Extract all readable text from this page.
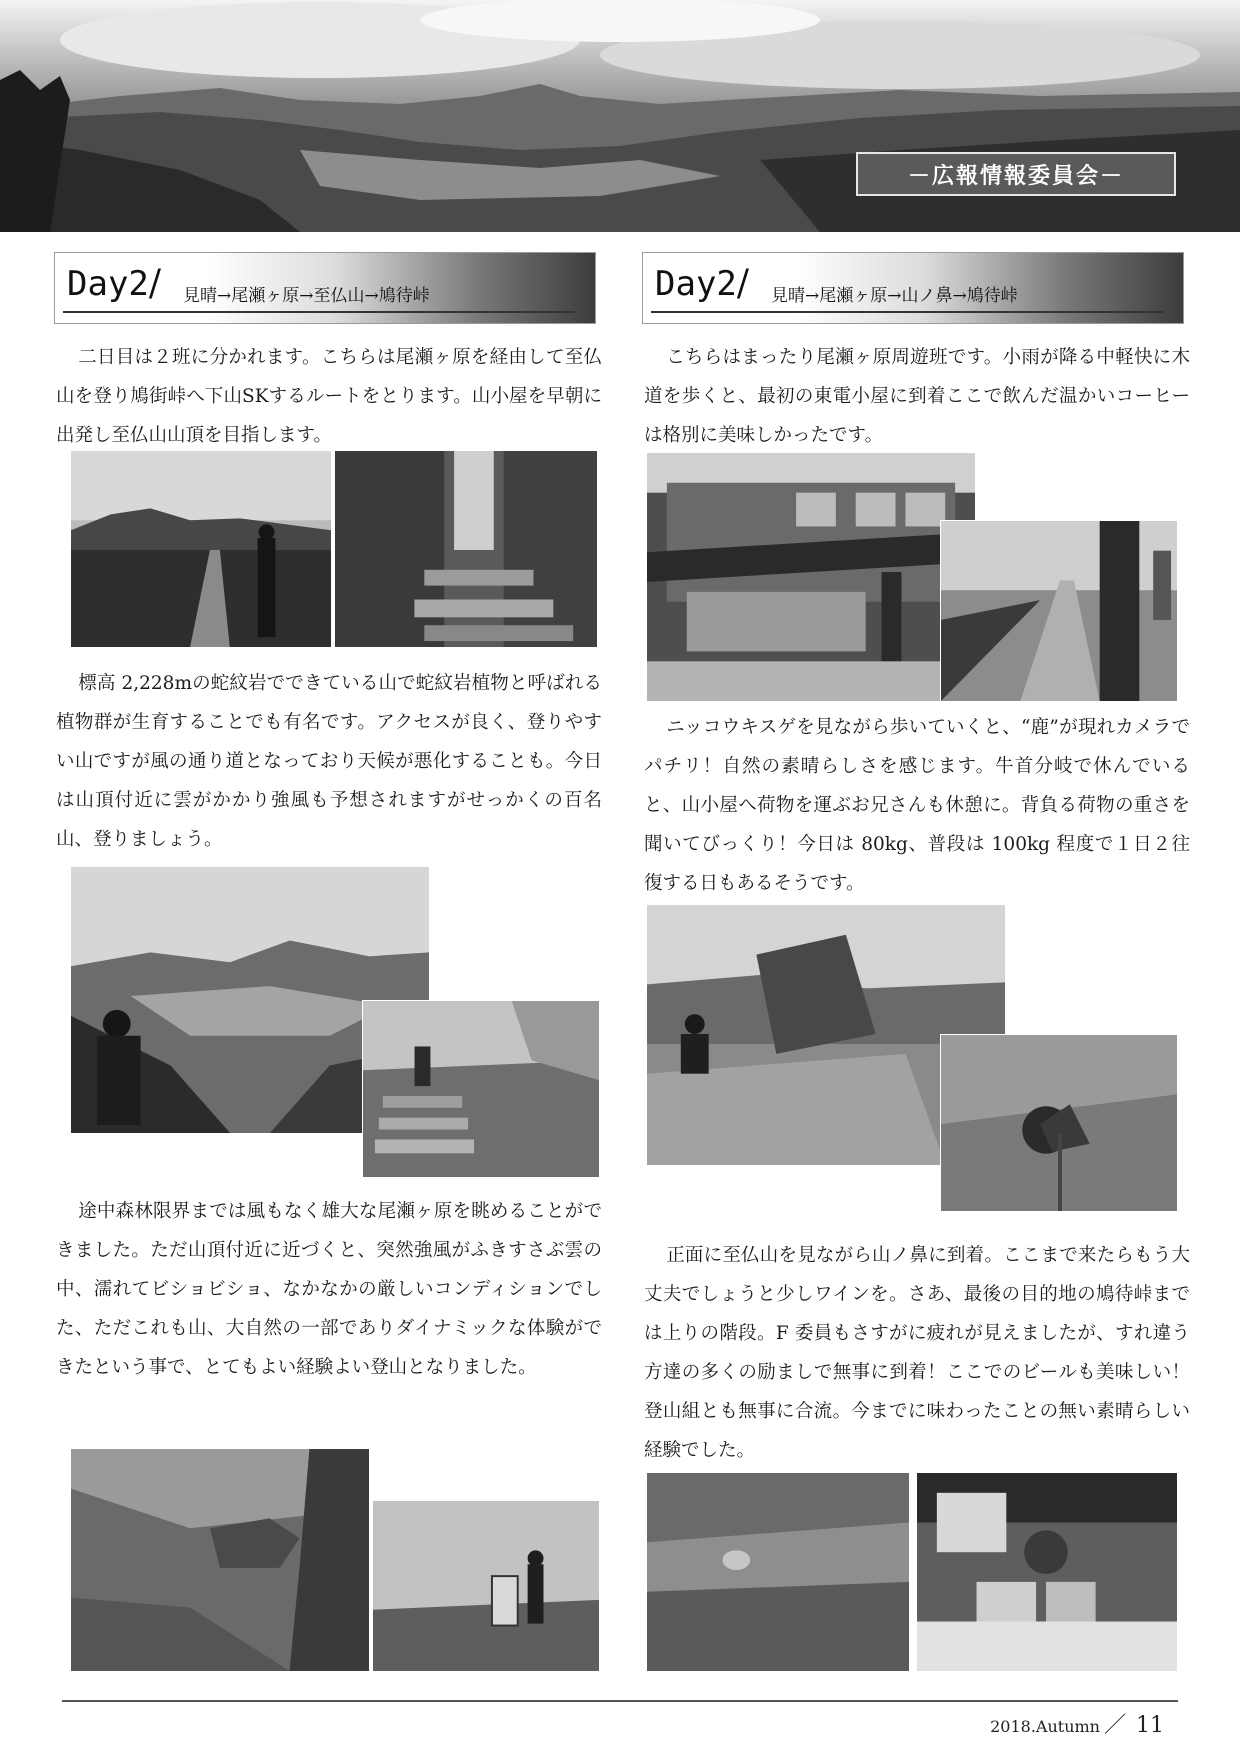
－広報情報委員会－
Day2/ 見晴→尾瀬ヶ原→至仏山→鳩待峠

二日目は２班に分かれます。こちらは尾瀬ヶ原を経由して至仏山を登り鳩街峠へ下山SKするルートをとります。山小屋を早朝に出発し至仏山山頂を目指します。

標高 2,228mの蛇紋岩でできている山で蛇紋岩植物と呼ばれる植物群が生育することでも有名です。アクセスが良く、登りやすい山ですが風の通り道となっており天候が悪化することも。今日は山頂付近に雲がかかり強風も予想されますがせっかくの百名山、登りましょう。

途中森林限界までは風もなく雄大な尾瀬ヶ原を眺めることができました。ただ山頂付近に近づくと、突然強風がふきすさぶ雲の中、濡れてビショビショ、なかなかの厳しいコンディションでした、ただこれも山、大自然の一部でありダイナミックな体験ができたという事で、とてもよい経験よい登山となりました。

Day2/ 見晴→尾瀬ヶ原→山ノ鼻→鳩待峠

こちらはまったり尾瀬ヶ原周遊班です。小雨が降る中軽快に木道を歩くと、最初の東電小屋に到着ここで飲んだ温かいコーヒーは格別に美味しかったです。

ニッコウキスゲを見ながら歩いていくと、“鹿”が現れカメラでパチリ！自然の素晴らしさを感じます。牛首分岐で休んでいると、山小屋へ荷物を運ぶお兄さんも休憩に。背負る荷物の重さを聞いてびっくり！今日は 80kg、普段は 100kg 程度で１日２往復する日もあるそうです。

正面に至仏山を見ながら山ノ鼻に到着。ここまで来たらもう大丈夫でしょうと少しワインを。さあ、最後の目的地の鳩待峠までは上りの階段。F 委員もさすがに疲れが見えましたが、すれ違う方達の多くの励ましで無事に到着！ここでのビールも美味しい！登山組とも無事に合流。今までに味わったことの無い素晴らしい経験でした。

2018.Autumn ／ 11
